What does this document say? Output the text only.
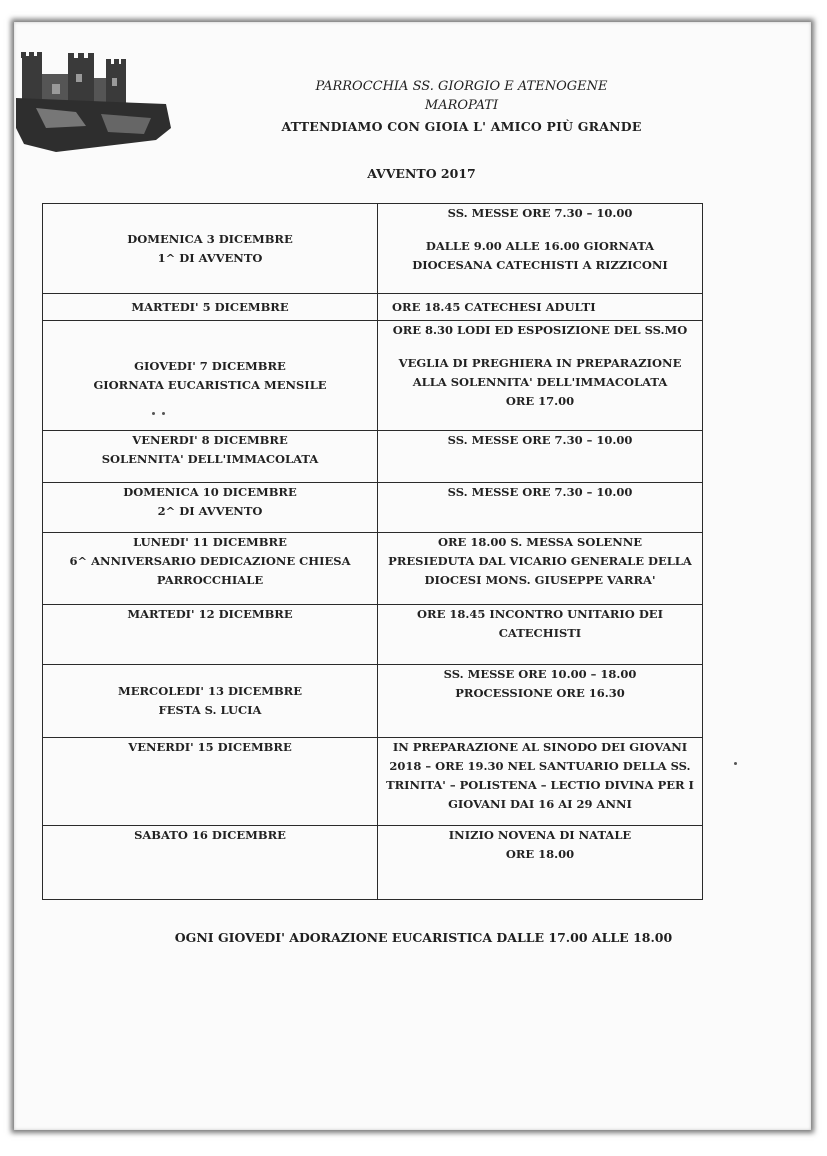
PARROCCHIA SS. GIORGIO E ATENOGENE
MAROPATI
ATTENDIAMO CON GIOIA L' AMICO PIÙ GRANDE
AVVENTO 2017
DOMENICA 3 DICEMBRE
1^ DI AVVENTO	SS. MESSE ORE 7.30 – 10.00
DALLE 9.00 ALLE 16.00 GIORNATA
DIOCESANA CATECHISTI A RIZZICONI

MARTEDI' 5 DICEMBRE	ORE 18.45 CATECHESI ADULTI

GIOVEDI' 7 DICEMBRE
GIORNATA EUCARISTICA MENSILE	ORE 8.30 LODI ED ESPOSIZIONE DEL SS.MO
VEGLIA DI PREGHIERA IN PREPARAZIONE
ALLA SOLENNITA' DELL'IMMACOLATA
ORE 17.00

VENERDI' 8 DICEMBRE
SOLENNITA' DELL'IMMACOLATA	SS. MESSE ORE 7.30 – 10.00

DOMENICA 10 DICEMBRE
2^ DI AVVENTO	SS. MESSE ORE 7.30 – 10.00

LUNEDI' 11 DICEMBRE
6^ ANNIVERSARIO DEDICAZIONE CHIESA
PARROCCHIALE	ORE 18.00 S. MESSA SOLENNE
PRESIEDUTA DAL VICARIO GENERALE DELLA
DIOCESI MONS. GIUSEPPE VARRA'

MARTEDI' 12 DICEMBRE	ORE 18.45 INCONTRO UNITARIO DEI
CATECHISTI

MERCOLEDI' 13 DICEMBRE
FESTA S. LUCIA	SS. MESSE ORE 10.00 – 18.00
PROCESSIONE ORE 16.30

VENERDI' 15 DICEMBRE	IN PREPARAZIONE AL SINODO DEI GIOVANI
2018 – ORE 19.30 NEL SANTUARIO DELLA SS.
TRINITA' – POLISTENA – LECTIO DIVINA PER I
GIOVANI DAI 16 AI 29 ANNI

SABATO 16 DICEMBRE	INIZIO NOVENA DI NATALE
ORE 18.00
OGNI GIOVEDI' ADORAZIONE EUCARISTICA DALLE 17.00 ALLE 18.00
